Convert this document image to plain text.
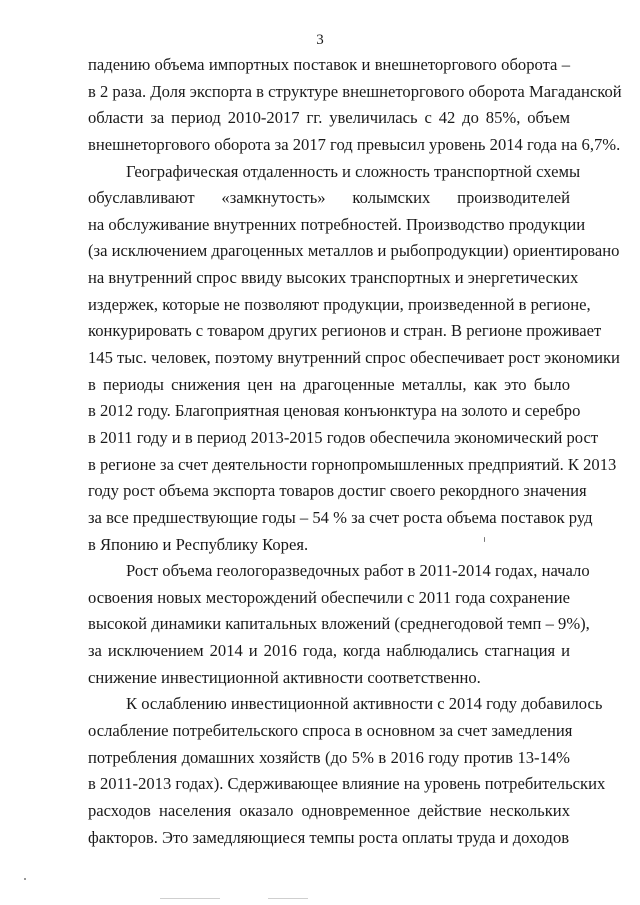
3
падению объема импортных поставок и внешнеторгового оборота –
в 2 раза. Доля экспорта в структуре внешнеторгового оборота Магаданской
области за период 2010-2017 гг. увеличилась с 42 до 85%, объем
внешнеторгового оборота за 2017 год превысил уровень 2014 года на 6,7%.
Географическая отдаленность и сложность транспортной схемы
обуславливают «замкнутость» колымских производителей
на обслуживание внутренних потребностей. Производство продукции
(за исключением драгоценных металлов и рыбопродукции) ориентировано
на внутренний спрос ввиду высоких транспортных и энергетических
издержек, которые не позволяют продукции, произведенной в регионе,
конкурировать с товаром других регионов и стран. В регионе проживает
145 тыс. человек, поэтому внутренний спрос обеспечивает рост экономики
в периоды снижения цен на драгоценные металлы, как это было
в 2012 году. Благоприятная ценовая конъюнктура на золото и серебро
в 2011 году и в период 2013-2015 годов обеспечила экономический рост
в регионе за счет деятельности горнопромышленных предприятий. К 2013
году рост объема экспорта товаров достиг своего рекордного значения
за все предшествующие годы – 54 % за счет роста объема поставок руд
в Японию и Республику Корея.
Рост объема геологоразведочных работ в 2011-2014 годах, начало
освоения новых месторождений обеспечили с 2011 года сохранение
высокой динамики капитальных вложений (среднегодовой темп – 9%),
за исключением 2014 и 2016 года, когда наблюдались стагнация и
снижение инвестиционной активности соответственно.
К ослаблению инвестиционной активности с 2014 году добавилось
ослабление потребительского спроса в основном за счет замедления
потребления домашних хозяйств (до 5% в 2016 году против 13-14%
в 2011-2013 годах). Сдерживающее влияние на уровень потребительских
расходов населения оказало одновременное действие нескольких
факторов. Это замедляющиеся темпы роста оплаты труда и доходов
